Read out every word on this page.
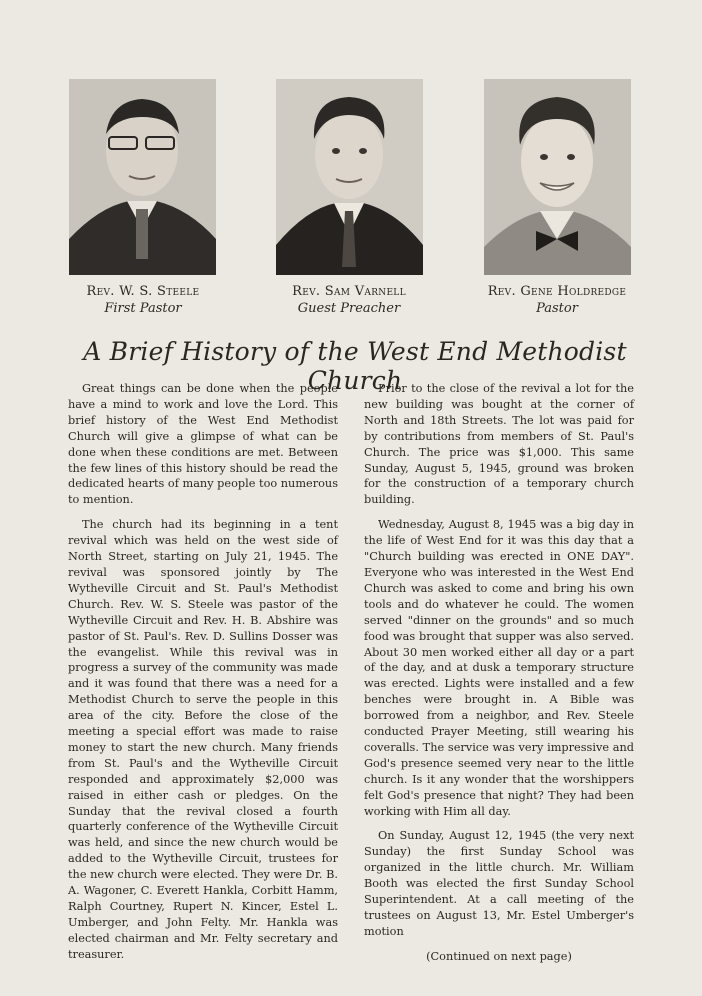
Rev. W. S. Steele
First Pastor
Rev. Sam Varnell
Guest Preacher
Rev. Gene Holdredge
Pastor
A Brief History of the West End Methodist Church

Great things can be done when the people have a mind to work and love the Lord. This brief history of the West End Methodist Church will give a glimpse of what can be done when these conditions are met. Between the few lines of this history should be read the dedicated hearts of many people too numerous to mention.

The church had its beginning in a tent revival which was held on the west side of North Street, starting on July 21, 1945. The revival was sponsored jointly by The Wytheville Circuit and St. Paul's Methodist Church. Rev. W. S. Steele was pastor of the Wytheville Circuit and Rev. H. B. Abshire was pastor of St. Paul's. Rev. D. Sullins Dosser was the evangelist. While this revival was in progress a survey of the community was made and it was found that there was a need for a Methodist Church to serve the people in this area of the city. Before the close of the meeting a special effort was made to raise money to start the new church. Many friends from St. Paul's and the Wytheville Circuit responded and approximately $2,000 was raised in either cash or pledges. On the Sunday that the revival closed a fourth quarterly conference of the Wytheville Circuit was held, and since the new church would be added to the Wytheville Circuit, trustees for the new church were elected. They were Dr. B. A. Wagoner, C. Everett Hankla, Corbitt Hamm, Ralph Courtney, Rupert N. Kincer, Estel L. Umberger, and John Felty. Mr. Hankla was elected chairman and Mr. Felty secretary and treasurer.

Prior to the close of the revival a lot for the new building was bought at the corner of North and 18th Streets. The lot was paid for by contributions from members of St. Paul's Church. The price was $1,000. This same Sunday, August 5, 1945, ground was broken for the construction of a temporary church building.

Wednesday, August 8, 1945 was a big day in the life of West End for it was this day that a "Church building was erected in ONE DAY". Everyone who was interested in the West End Church was asked to come and bring his own tools and do whatever he could. The women served "dinner on the grounds" and so much food was brought that supper was also served. About 30 men worked either all day or a part of the day, and at dusk a temporary structure was erected. Lights were installed and a few benches were brought in. A Bible was borrowed from a neighbor, and Rev. Steele conducted Prayer Meeting, still wearing his coveralls. The service was very impressive and God's presence seemed very near to the little church. Is it any wonder that the worshippers felt God's presence that night? They had been working with Him all day.

On Sunday, August 12, 1945 (the very next Sunday) the first Sunday School was organized in the little church. Mr. William Booth was elected the first Sunday School Superintendent. At a call meeting of the trustees on August 13, Mr. Estel Umberger's motion

(Continued on next page)
